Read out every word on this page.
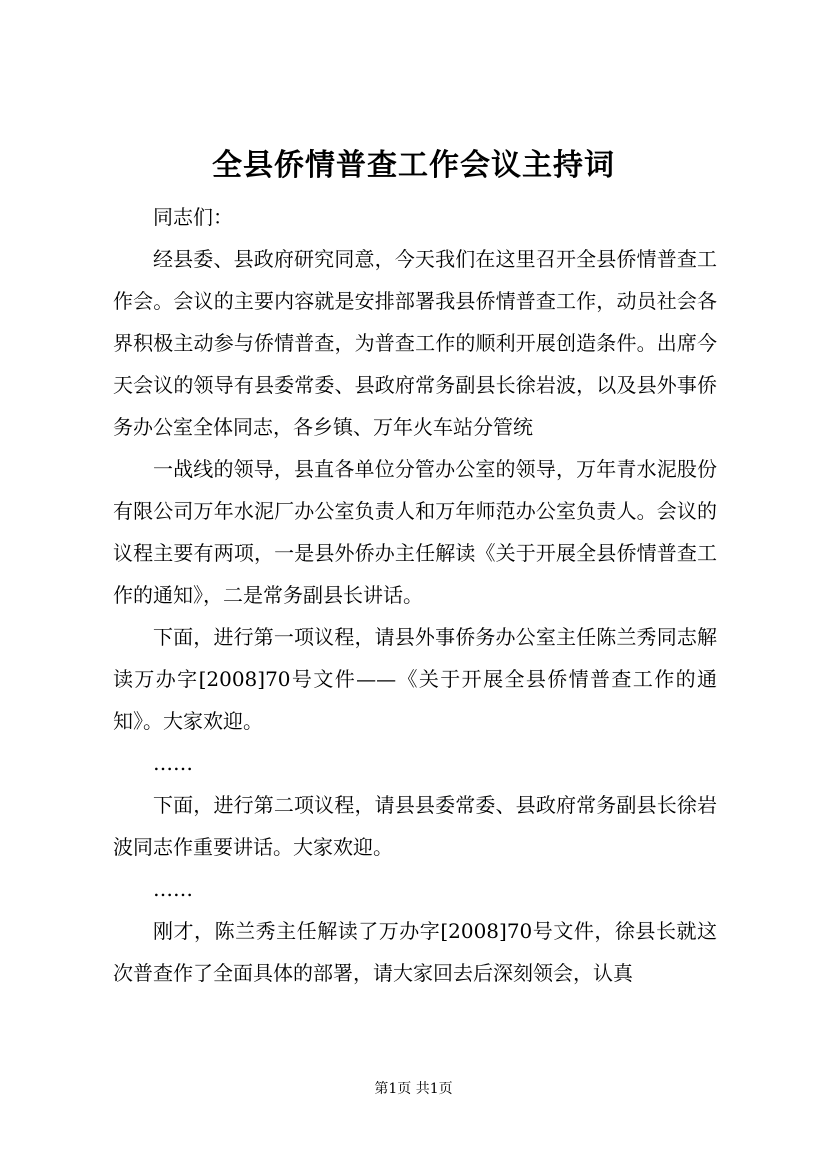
全县侨情普查工作会议主持词

同志们：

经县委、县政府研究同意，今天我们在这里召开全县侨情普查工作会。会议的主要内容就是安排部署我县侨情普查工作，动员社会各界积极主动参与侨情普查，为普查工作的顺利开展创造条件。出席今天会议的领导有县委常委、县政府常务副县长徐岩波，以及县外事侨务办公室全体同志，各乡镇、万年火车站分管统

一战线的领导，县直各单位分管办公室的领导，万年青水泥股份有限公司万年水泥厂办公室负责人和万年师范办公室负责人。会议的议程主要有两项，一是县外侨办主任解读《关于开展全县侨情普查工作的通知》，二是常务副县长讲话。

下面，进行第一项议程，请县外事侨务办公室主任陈兰秀同志解读万办字[2008]70号文件——《关于开展全县侨情普查工作的通知》。大家欢迎。

……

下面，进行第二项议程，请县县委常委、县政府常务副县长徐岩波同志作重要讲话。大家欢迎。

……

刚才，陈兰秀主任解读了万办字[2008]70号文件，徐县长就这次普查作了全面具体的部署，请大家回去后深刻领会，认真

第1页 共1页
